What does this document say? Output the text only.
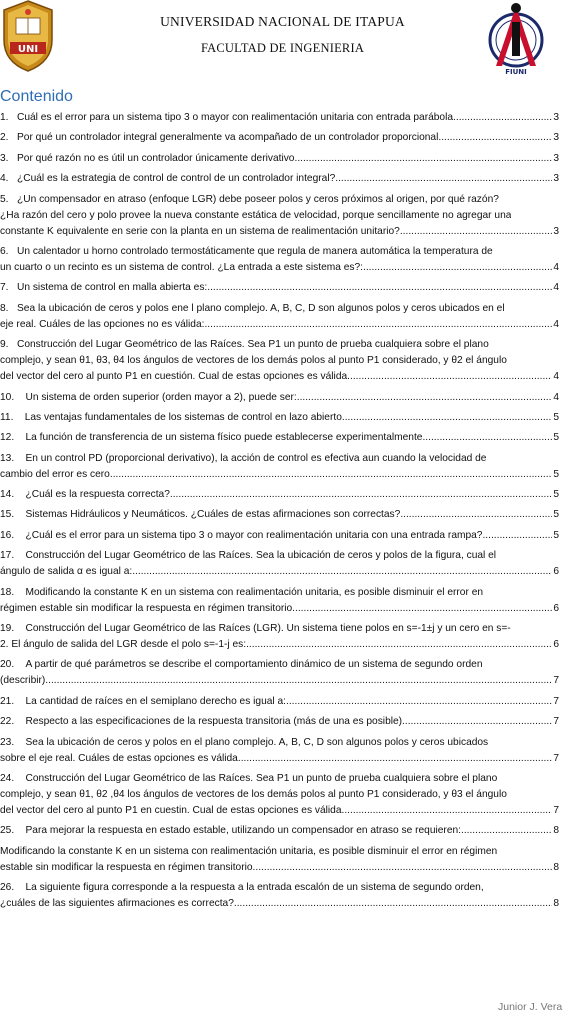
UNI
UNIVERSIDAD NACIONAL DE ITAPUA
FACULTAD DE INGENIERIA
FIUNI
Contenido
1.   Cuál es el error para un sistema tipo 3 o mayor con realimentación unitaria con entrada parábola. .....	3
2.   Por qué un controlador integral generalmente va acompañado de un controlador proporcional. .....	3
3.   Por qué razón no es útil un controlador únicamente derivativo. .....	3
4.   ¿Cuál es la estrategia de control de control de un controlador integral? .....	3
5.   ¿Un compensador en atraso (enfoque LGR) debe poseer polos y ceros próximos al origen, por qué razón?
¿Ha razón del cero y polo provee la nueva constante estática de velocidad, porque sencillamente no agregar una
constante K equivalente en serie con la planta en un sistema de realimentación unitario? .....	3
6.   Un calentador u horno controlado termostáticamente que regula de manera automática la temperatura de
un cuarto o un recinto es un sistema de control. ¿La entrada a este sistema es?: .....	4
7.   Un sistema de control en malla abierta es: .....	4
8.   Sea la ubicación de ceros y polos ene l plano complejo. A, B, C, D son algunos polos y ceros ubicados en el
eje real. Cuáles de las opciones no es válida: .....	4
9.   Construcción del Lugar Geométrico de las Raíces. Sea P1 un punto de prueba cualquiera sobre el plano
complejo, y sean θ1, θ3, θ4 los ángulos de vectores de los demás polos al punto P1 considerado, y θ2 el ángulo
del vector del cero al punto P1 en cuestión. Cual de estas opciones es válida. .....	4
10.    Un sistema de orden superior (orden mayor a 2), puede ser: .....	4
11.    Las ventajas fundamentales de los sistemas de control en lazo abierto. .....	5
12.    La función de transferencia de un sistema físico puede establecerse experimentalmente. .....	5
13.    En un control PD (proporcional derivativo), la acción de control es efectiva aun cuando la velocidad de
cambio del error es cero. .....	5
14.    ¿Cuál es la respuesta correcta? .....	5
15.    Sistemas Hidráulicos y Neumáticos. ¿Cuáles de estas afirmaciones son correctas? .....	5
16.    ¿Cuál es el error para un sistema tipo 3 o mayor con realimentación unitaria con una entrada rampa? .....	5
17.    Construcción del Lugar Geométrico de las Raíces. Sea la ubicación de ceros y polos de la figura, cual el
ángulo de salida α es igual a: .....	6
18.    Modificando la constante K en un sistema con realimentación unitaria, es posible disminuir el error en
régimen estable sin modificar la respuesta en régimen transitorio. .....	6
19.    Construcción del Lugar Geométrico de las Raíces (LGR). Un sistema tiene polos en s=-1±j y un cero en s=-
2. El ángulo de salida del LGR desde el polo s=-1-j es: .....	6
20.    A partir de qué parámetros se describe el comportamiento dinámico de un sistema de segundo orden
(describir). .....	7
21.    La cantidad de raíces en el semiplano derecho es igual a: .....	7
22.    Respecto a las especificaciones de la respuesta transitoria (más de una es posible). .....	7
23.    Sea la ubicación de ceros y polos en el plano complejo. A, B, C, D son algunos polos y ceros ubicados
sobre el eje real. Cuáles de estas opciones es válida. .....	7
24.    Construcción del Lugar Geométrico de las Raíces. Sea P1 un punto de prueba cualquiera sobre el plano
complejo, y sean θ1, θ2 ,θ4 los ángulos de vectores de los demás polos al punto P1 considerado, y θ3 el ángulo
del vector del cero al punto P1 en cuestin. Cual de estas opciones es válida. .....	7
25.    Para mejorar la respuesta en estado estable, utilizando un compensador en atraso se requieren: .....	8
Modificando la constante K en un sistema con realimentación unitaria, es posible disminuir el error en régimen
estable sin modificar la respuesta en régimen transitorio. .....	8
26.    La siguiente figura corresponde a la respuesta a la entrada escalón de un sistema de segundo orden,
¿cuáles de las siguientes afirmaciones es correcta? .....	8
Junior J. Vera
